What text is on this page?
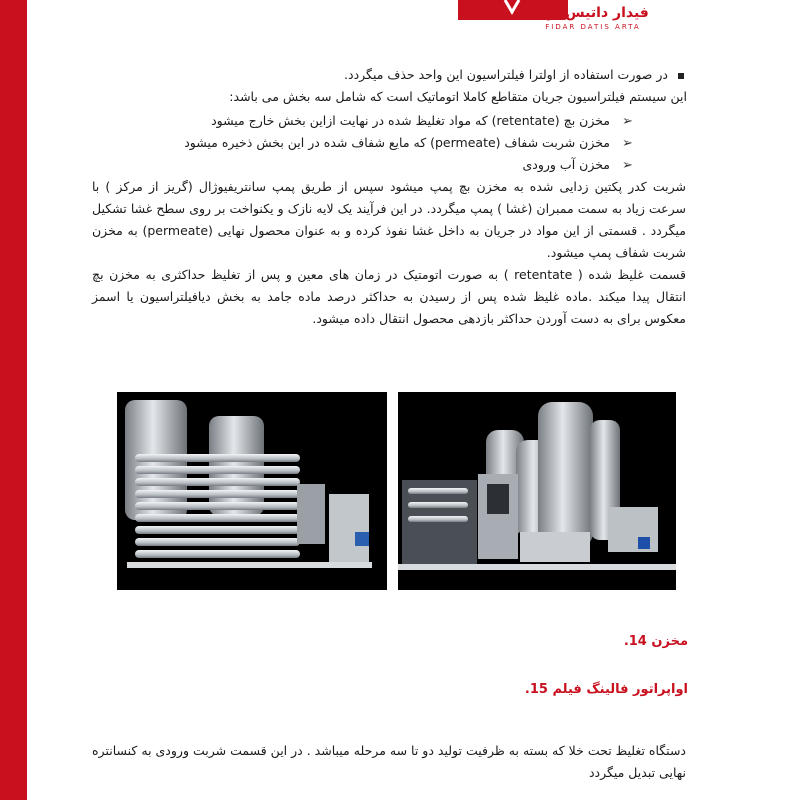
فیدار داتیس آرتا
FIDAR DATIS ARTA
در صورت استفاده از اولترا فیلتراسیون این واحد حذف میگردد.
این سیستم فیلتراسیون جریان متقاطع کاملا اتوماتیک است که شامل سه بخش می باشد:
➢
مخزن بچ (retentate) که مواد تغلیظ شده در نهایت ازاین بخش خارج میشود
➢
مخزن شربت شفاف (permeate) که مایع شفاف شده در این بخش ذخیره میشود
➢
مخزن آب ورودی
شربت کدر پکتین زدایی شده به مخزن بچ پمپ میشود سپس از طریق پمپ سانتریفیوژال (گریز از مرکز ) با سرعت زیاد به سمت ممبران (غشا ) پمپ میگردد. در این فرآیند یک لایه نازک و یکنواخت بر روی سطح غشا تشکیل میگردد . قسمتی از این مواد در جریان به داخل غشا نفوذ کرده و به عنوان محصول نهایی (permeate) به مخزن شربت شفاف پمپ میشود.
قسمت غلیظ شده ( retentate ) به صورت اتومتیک در زمان های معین و پس از تغلیظ حداکثری به مخزن بچ انتقال پیدا میکند .ماده غلیظ شده پس از رسیدن به حداکثر درصد ماده جامد به بخش دیافیلتراسیون یا اسمز معکوس برای به دست آوردن حداکثر بازدهی محصول انتقال داده میشود.
مخزن 14.
اواپراتور فالینگ فیلم 15.
دستگاه تغلیظ تحت خلا که بسته به ظرفیت تولید دو تا سه مرحله میباشد . در این قسمت شربت ورودی به کنسانتره نهایی تبدیل میگردد
